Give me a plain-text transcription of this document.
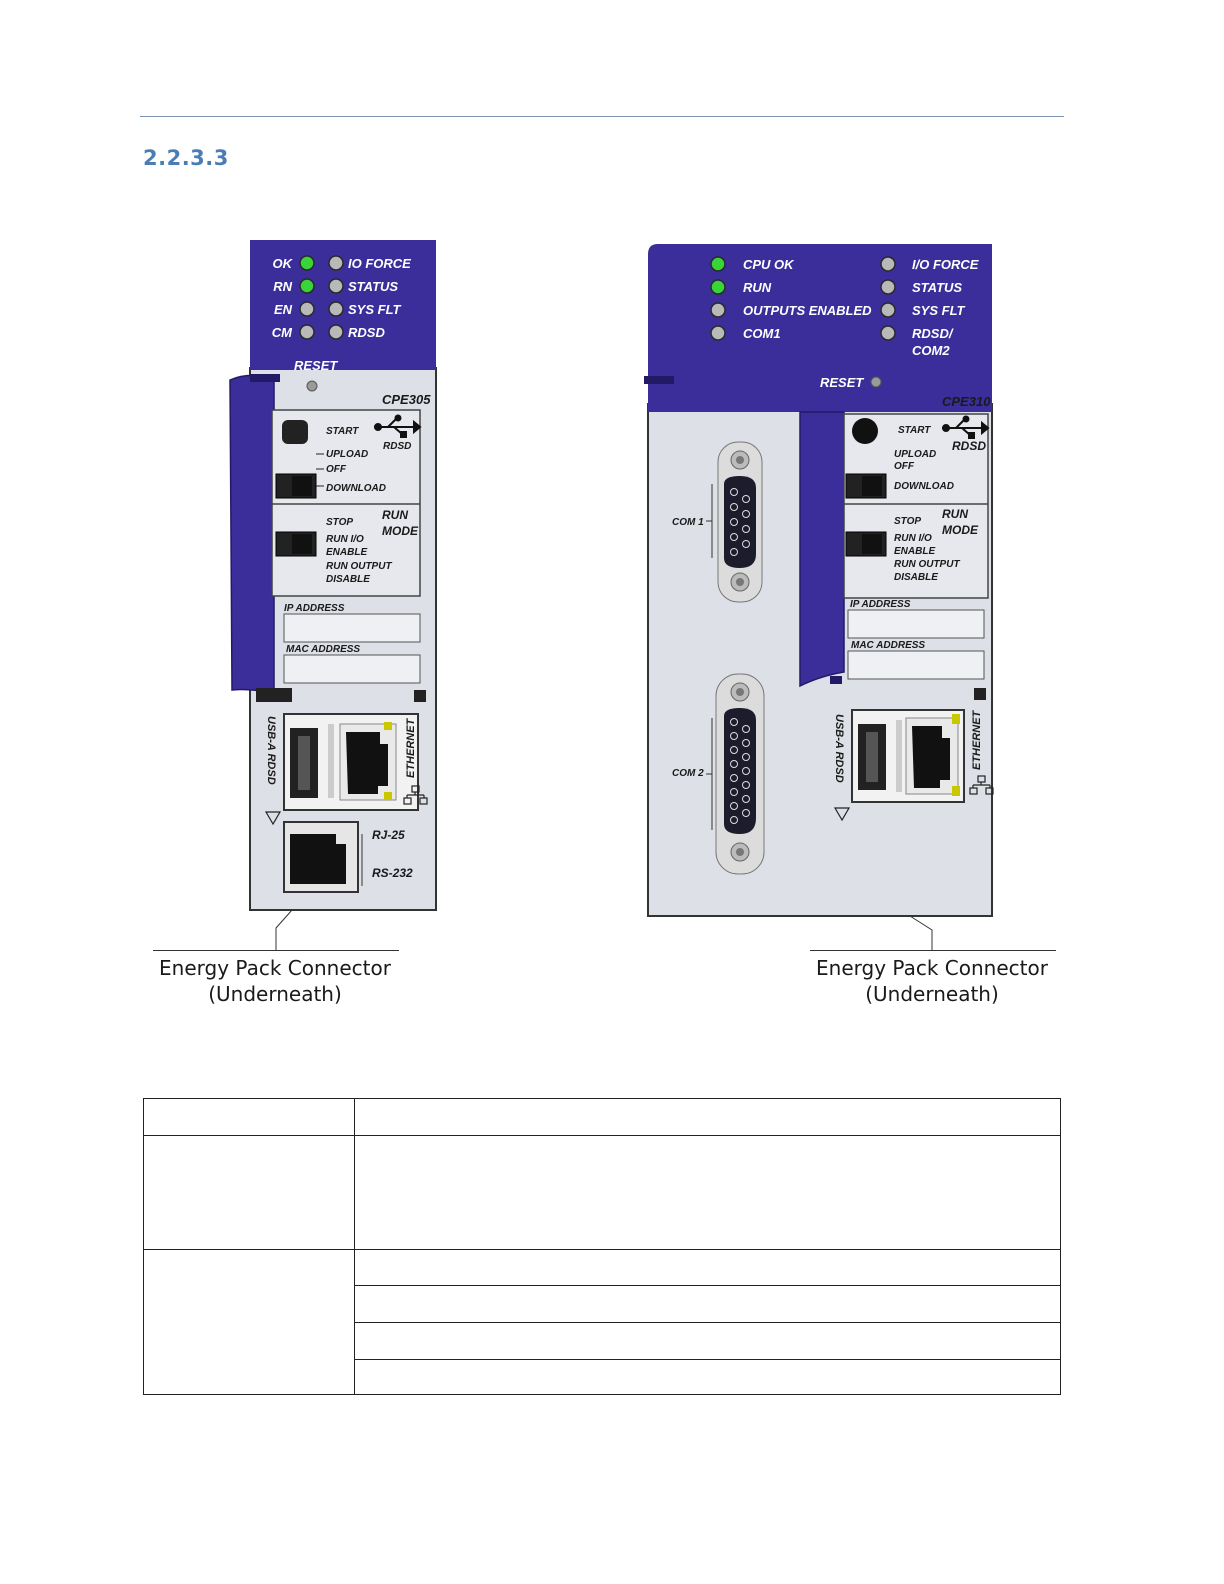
2.2.3.3
OK
RN
EN
CM
IO FORCE
STATUS
SYS FLT
RDSD
RESET
CPE305
START
RDSD
UPLOAD
OFF
DOWNLOAD
STOP
RUN I/O
ENABLE
RUN OUTPUT
DISABLE
RUN
MODE
IP ADDRESS
MAC ADDRESS
USB-A RDSD	ETHERNET
RJ-25
RS-232
Energy Pack Connector
(Underneath)
CPU OK
RUN
OUTPUTS ENABLED
COM1
I/O FORCE
STATUS
SYS FLT
RDSD/
COM2
RESET
CPE310
COM 1
COM 2
START
RDSD
UPLOAD
OFF
DOWNLOAD
STOP
RUN I/O
ENABLE
RUN OUTPUT
DISABLE
RUN
MODE
IP ADDRESS
MAC ADDRESS
USB-A RDSD	ETHERNET
Energy Pack Connector
(Underneath)
